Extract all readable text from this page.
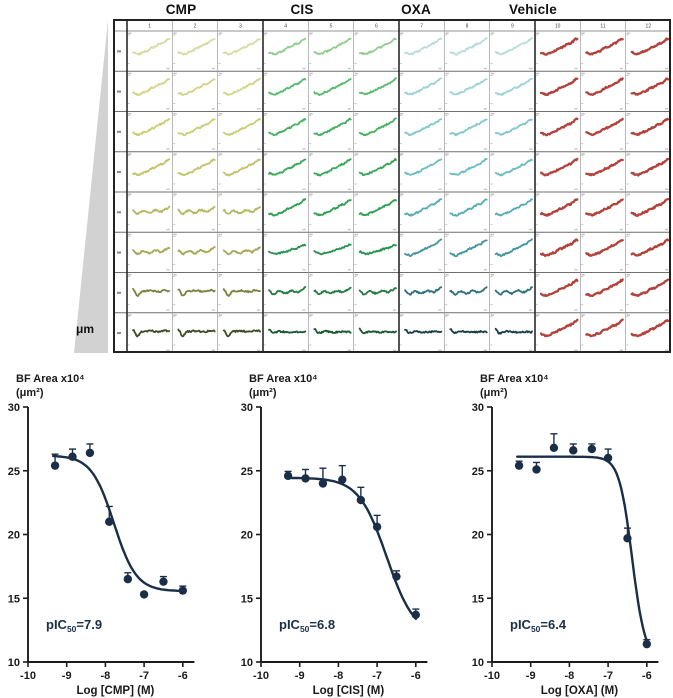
CMP	CIS	OXA	Vehicle
μm
1	2	3	4	5	6	7	8	9	10	11	12
BF Area x10⁴
(μm²)
10
15
20
25
30
-10 -9	-8	-7	-6
Log [CMP] (M)
pIC$_{50}$=7.9
BF Area x10⁴
(μm²)
10
15
20
25
30
-10 -9	-8	-7	-6
Log [CIS] (M)
pIC$_{50}$=6.8
BF Area x10⁴
(μm²)
10
15
20
25
30
-10 -9	-8	-7	-6
Log [OXA] (M)
pIC$_{50}$=6.4
